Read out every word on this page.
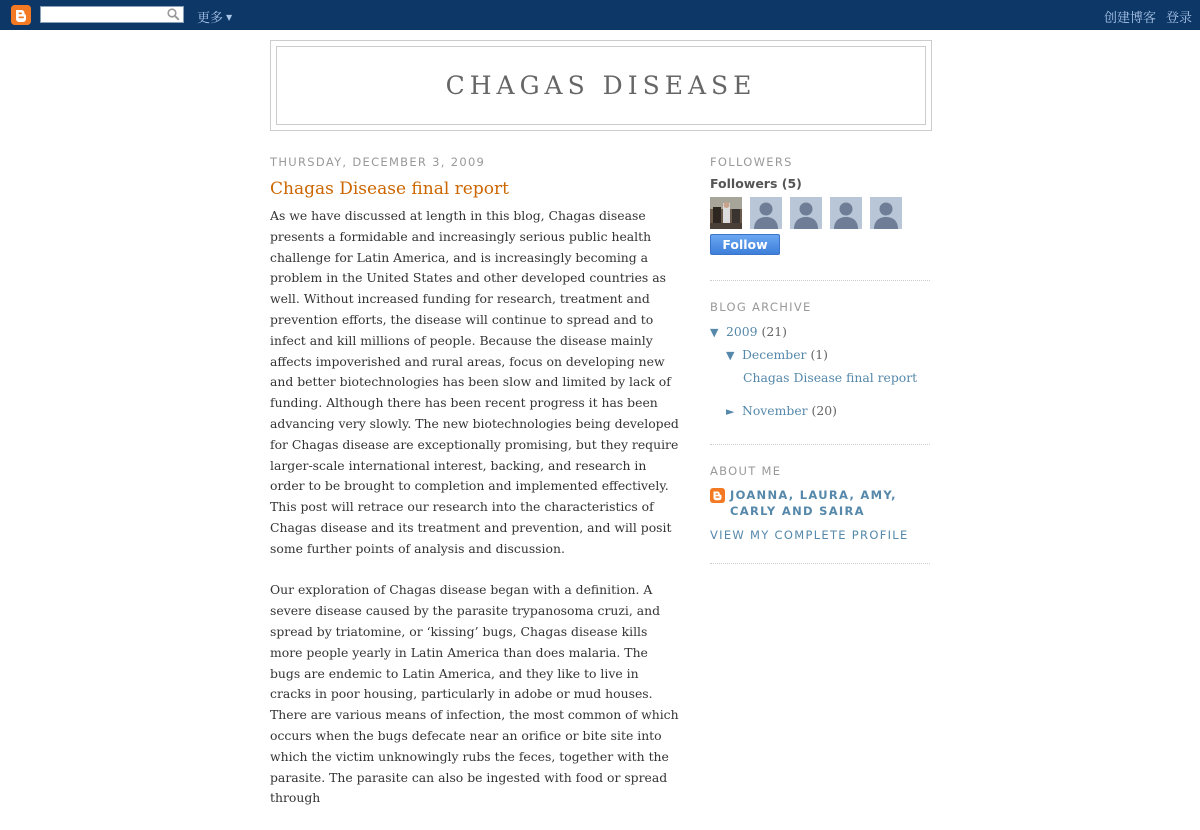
更多 ▼	创建博客 登录
CHAGAS DISEASE
THURSDAY, DECEMBER 3, 2009
Chagas Disease final report

As we have discussed at length in this blog, Chagas disease presents a formidable and increasingly serious public health challenge for Latin America, and is increasingly becoming a problem in the United States and other developed countries as well. Without increased funding for research, treatment and prevention efforts, the disease will continue to spread and to infect and kill millions of people. Because the disease mainly affects impoverished and rural areas, focus on developing new and better biotechnologies has been slow and limited by lack of funding. Although there has been recent progress it has been advancing very slowly. The new biotechnologies being developed for Chagas disease are exceptionally promising, but they require larger-scale international interest, backing, and research in order to be brought to completion and implemented effectively. This post will retrace our research into the characteristics of Chagas disease and its treatment and prevention, and will posit some further points of analysis and discussion.

Our exploration of Chagas disease began with a definition. A severe disease caused by the parasite trypanosoma cruzi, and spread by triatomine, or ‘kissing’ bugs, Chagas disease kills more people yearly in Latin America than does malaria. The bugs are endemic to Latin America, and they like to live in cracks in poor housing, particularly in adobe or mud houses. There are various means of infection, the most common of which occurs when the bugs defecate near an orifice or bite site into which the victim unknowingly rubs the feces, together with the parasite. The parasite can also be ingested with food or spread through

FOLLOWERS
Followers (5)

Follow
BLOG ARCHIVE
▼ 2009 (21)
▼ December (1)
Chagas Disease final report
► November (20)
ABOUT ME
JOANNA, LAURA, AMY, CARLY AND SAIRA
VIEW MY COMPLETE PROFILE
